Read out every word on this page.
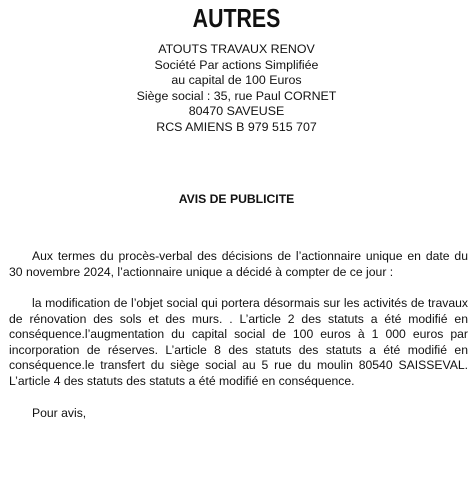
AUTRES
ATOUTS TRAVAUX RENOV
Société Par actions Simplifiée
au capital de 100 Euros
Siège social : 35, rue Paul CORNET
80470 SAVEUSE
RCS AMIENS B 979 515 707
AVIS DE PUBLICITE

Aux termes du procès-verbal des décisions de l’actionnaire unique en date du 30 novembre 2024, l’actionnaire unique a décidé à compter de ce jour :

la modification de l’objet social qui portera désormais sur les activités de travaux de rénovation des sols et des murs. . L’article 2 des statuts a été modifié en conséquence.l’augmentation du capital social de 100 euros à 1 000 euros par incorporation de réserves. L’article 8 des statuts des statuts a été modifié en conséquence.le transfert du siège social au 5 rue du moulin 80540 SAISSEVAL. L’article 4 des statuts des statuts a été modifié en conséquence.

Pour avis,
